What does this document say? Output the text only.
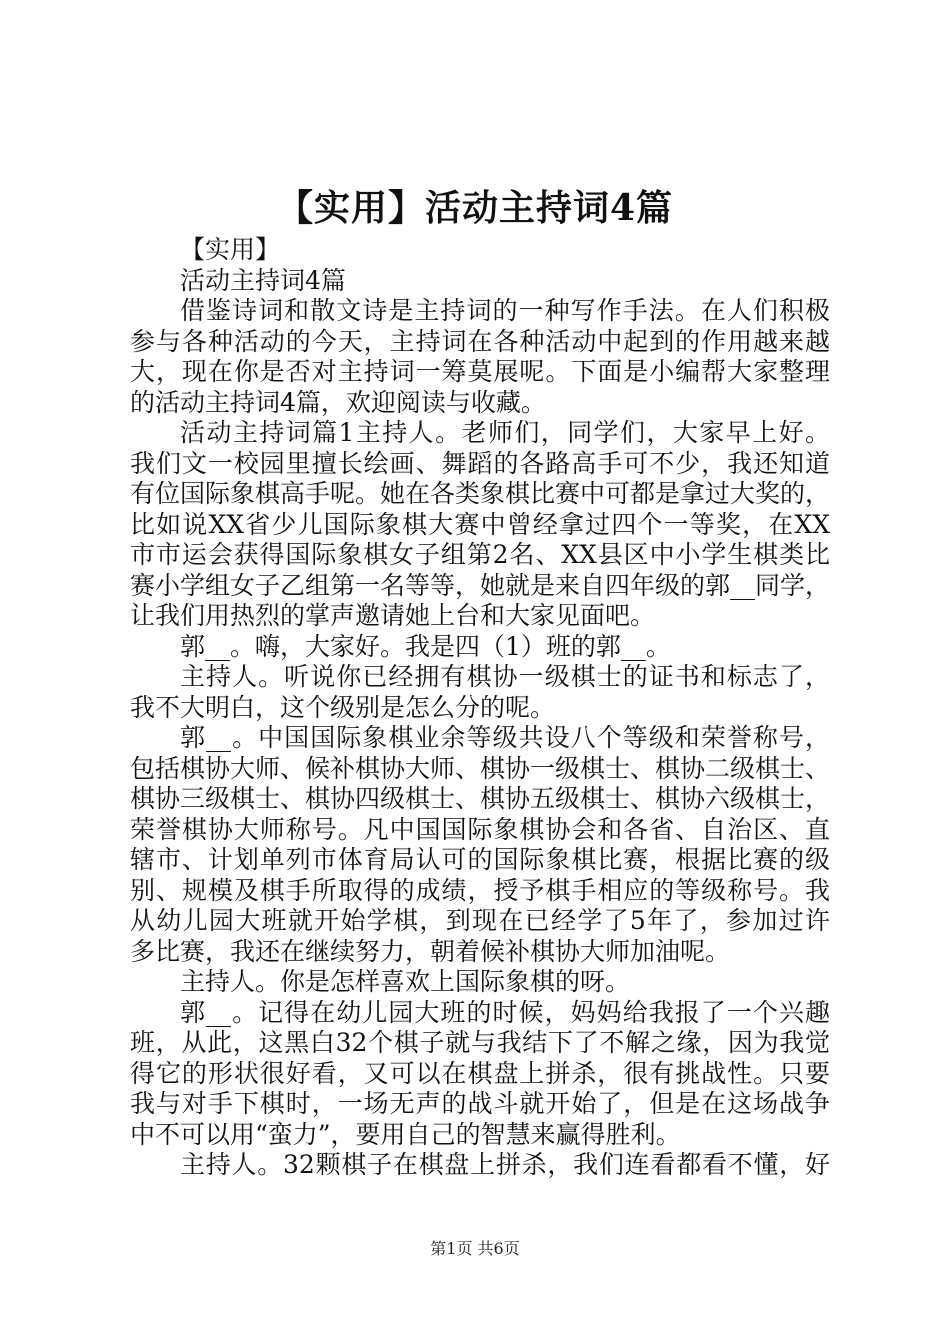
【实用】活动主持词4篇
【实用】
活动主持词4篇
借鉴诗词和散文诗是主持词的一种写作手法。在人们积极
参与各种活动的今天，主持词在各种活动中起到的作用越来越
大，现在你是否对主持词一筹莫展呢。下面是小编帮大家整理
的活动主持词4篇，欢迎阅读与收藏。
活动主持词篇1主持人。老师们，同学们，大家早上好。
我们文一校园里擅长绘画、舞蹈的各路高手可不少，我还知道
有位国际象棋高手呢。她在各类象棋比赛中可都是拿过大奖的，
比如说XX省少儿国际象棋大赛中曾经拿过四个一等奖，在XX
市市运会获得国际象棋女子组第2名、XX县区中小学生棋类比
赛小学组女子乙组第一名等等，她就是来自四年级的郭__同学，
让我们用热烈的掌声邀请她上台和大家见面吧。
郭__。嗨，大家好。我是四（1）班的郭__。
主持人。听说你已经拥有棋协一级棋士的证书和标志了，
我不大明白，这个级别是怎么分的呢。
郭__。中国国际象棋业余等级共设八个等级和荣誉称号，
包括棋协大师、候补棋协大师、棋协一级棋士、棋协二级棋士、
棋协三级棋士、棋协四级棋士、棋协五级棋士、棋协六级棋士，
荣誉棋协大师称号。凡中国国际象棋协会和各省、自治区、直
辖市、计划单列市体育局认可的国际象棋比赛，根据比赛的级
别、规模及棋手所取得的成绩，授予棋手相应的等级称号。我
从幼儿园大班就开始学棋，到现在已经学了5年了，参加过许
多比赛，我还在继续努力，朝着候补棋协大师加油呢。
主持人。你是怎样喜欢上国际象棋的呀。
郭__。记得在幼儿园大班的时候，妈妈给我报了一个兴趣
班，从此，这黑白32个棋子就与我结下了不解之缘，因为我觉
得它的形状很好看，又可以在棋盘上拼杀，很有挑战性。只要
我与对手下棋时，一场无声的战斗就开始了，但是在这场战争
中不可以用“蛮力”，要用自己的智慧来赢得胜利。
主持人。32颗棋子在棋盘上拼杀，我们连看都看不懂，好
第1页 共6页
